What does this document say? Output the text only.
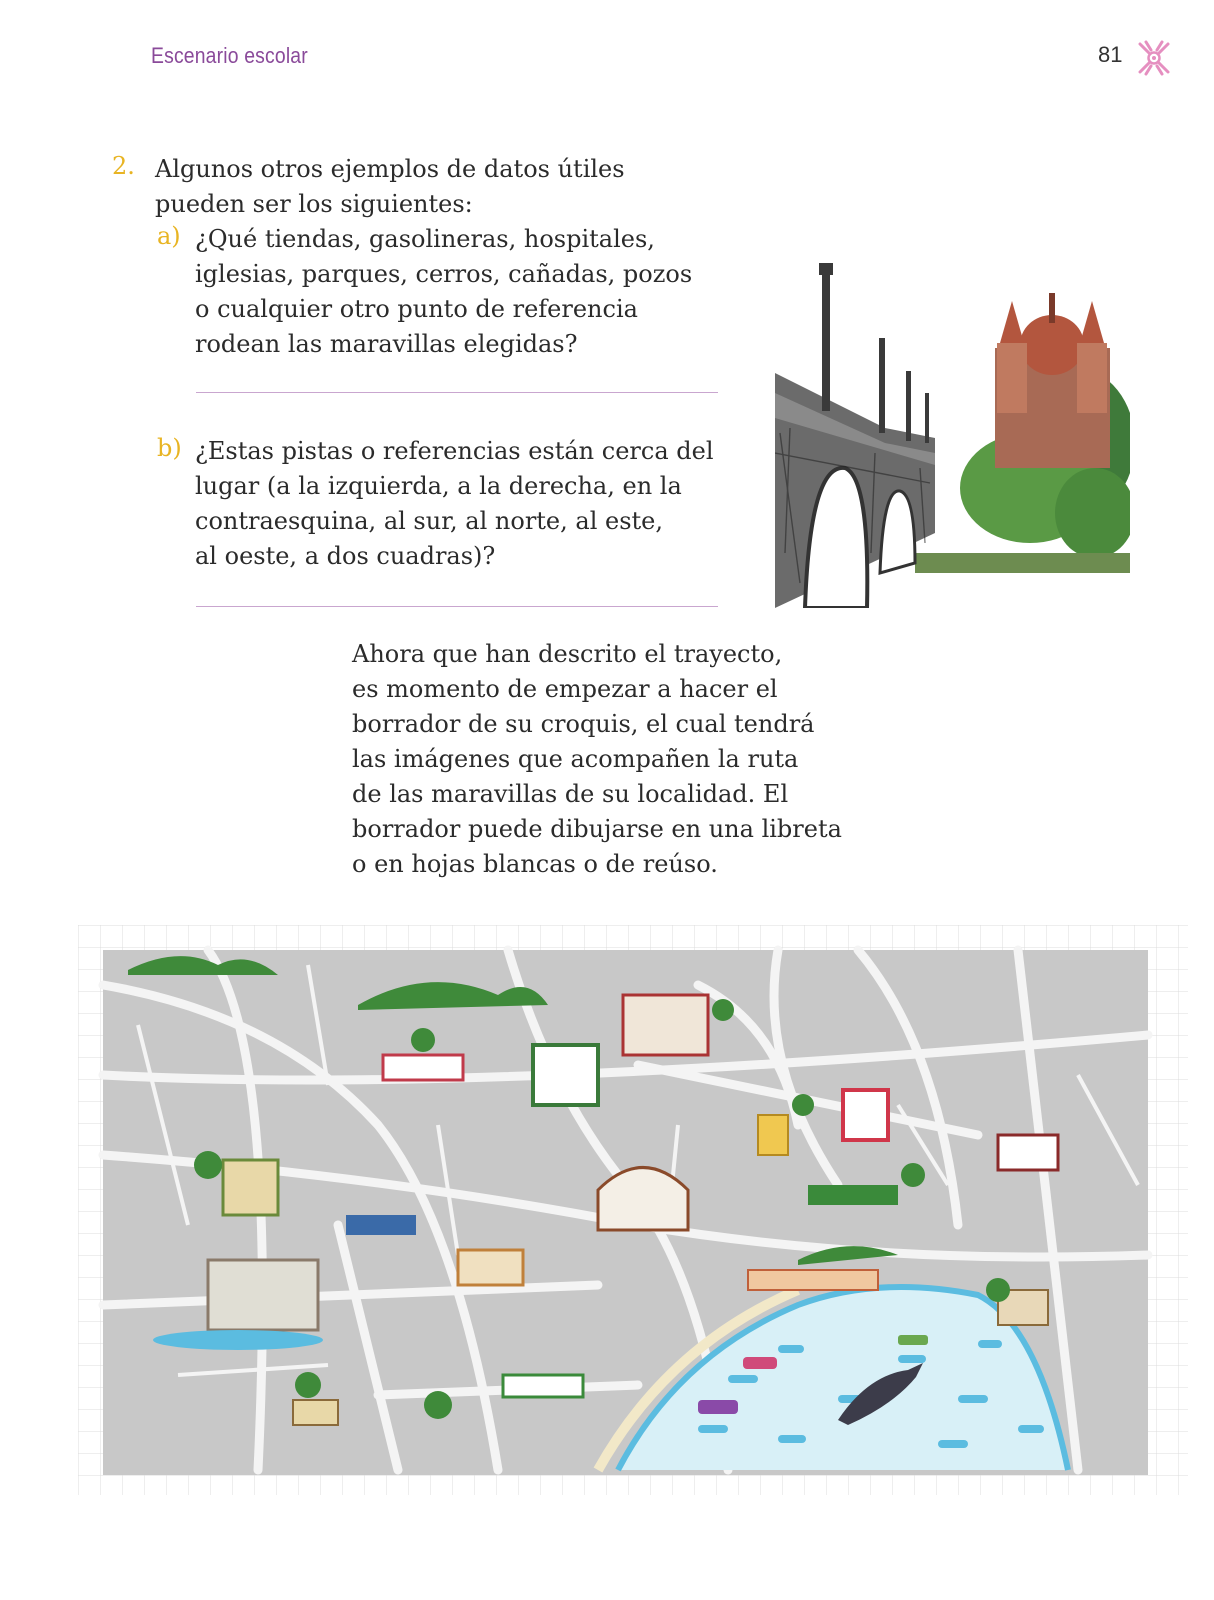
Escenario escolar	81
2. Algunos otros ejemplos de datos útiles
pueden ser los siguientes:
a) ¿Qué tiendas, gasolineras, hospitales,
iglesias, parques, cerros, cañadas, pozos
o cualquier otro punto de referencia
rodean las maravillas elegidas?
b) ¿Estas pistas o referencias están cerca del
lugar (a la izquierda, a la derecha, en la
contraesquina, al sur, al norte, al este,
al oeste, a dos cuadras)?
Ahora que han descrito el trayecto,
es momento de empezar a hacer el
borrador de su croquis, el cual tendrá
las imágenes que acompañen la ruta
de las maravillas de su localidad. El
borrador puede dibujarse en una libreta
o en hojas blancas o de reúso.
